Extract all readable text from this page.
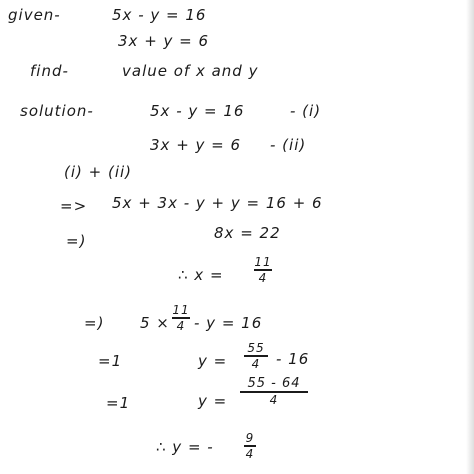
given-	5x - y = 16
3x + y = 6
find-	value of x and y
solution-	5x - y = 16	- (i)
3x + y = 6 - (ii)
(i) + (ii)
=> 5x + 3x - y + y = 16 + 6
=)	8x = 22
∴ x =
11
4
=) 5 ×
11
4 - y = 16
=1	y =
55
4 - 16
=1	y =
55 - 64
4
∴ y = -	9
4
